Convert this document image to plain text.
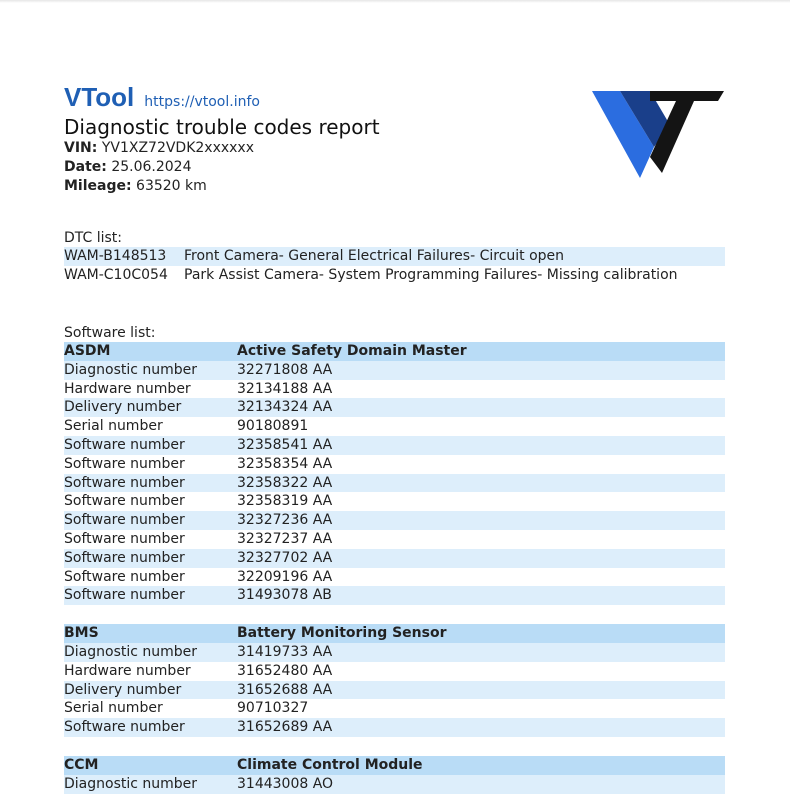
VTool https://vtool.info
Diagnostic trouble codes report
VIN: YV1XZ72VDK2xxxxxx
Date: 25.06.2024
Mileage: 63520 km
DTC list:
WAM-B148513	Front Camera- General Electrical Failures- Circuit open
WAM-C10C054	Park Assist Camera- System Programming Failures- Missing calibration
Software list:
ASDM	Active Safety Domain Master
Diagnostic number	32271808 AA
Hardware number	32134188 AA
Delivery number	32134324 AA
Serial number	90180891
Software number	32358541 AA
Software number	32358354 AA
Software number	32358322 AA
Software number	32358319 AA
Software number	32327236 AA
Software number	32327237 AA
Software number	32327702 AA
Software number	32209196 AA
Software number	31493078 AB
BMS	Battery Monitoring Sensor
Diagnostic number	31419733 AA
Hardware number	31652480 AA
Delivery number	31652688 AA
Serial number	90710327
Software number	31652689 AA
CCM	Climate Control Module
Diagnostic number	31443008 AO
